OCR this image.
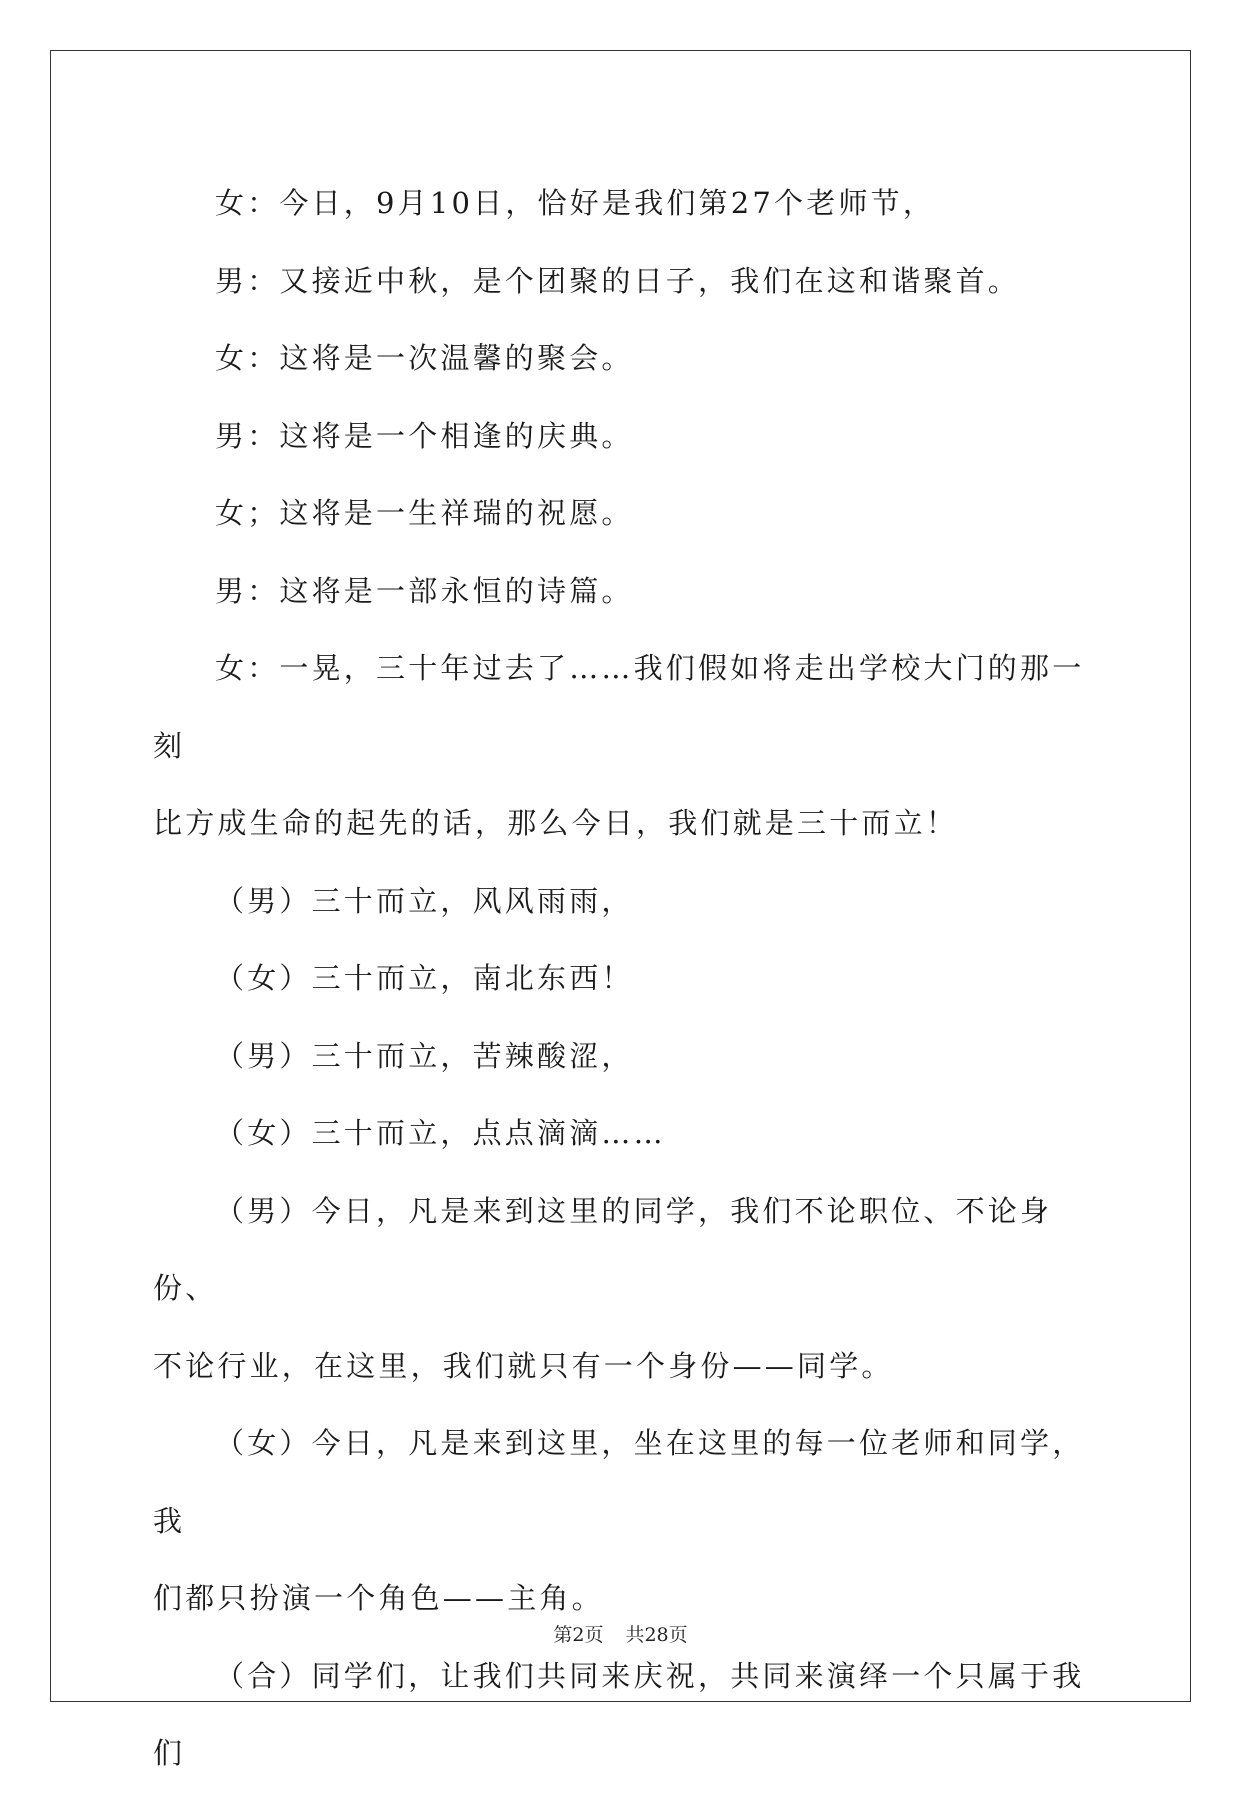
女：今日，9月10日，恰好是我们第27个老师节，

男：又接近中秋，是个团聚的日子，我们在这和谐聚首。

女：这将是一次温馨的聚会。

男：这将是一个相逢的庆典。

女；这将是一生祥瑞的祝愿。

男：这将是一部永恒的诗篇。

女：一晃，三十年过去了……我们假如将走出学校大门的那一刻

比方成生命的起先的话，那么今日，我们就是三十而立！

（男）三十而立，风风雨雨，

（女）三十而立，南北东西！

（男）三十而立，苦辣酸涩，

（女）三十而立，点点滴滴……

（男）今日，凡是来到这里的同学，我们不论职位、不论身份、

不论行业，在这里，我们就只有一个身份——同学。

（女）今日，凡是来到这里，坐在这里的每一位老师和同学，我

们都只扮演一个角色——主角。

（合）同学们，让我们共同来庆祝，共同来演绎一个只属于我们

第2页 共28页
